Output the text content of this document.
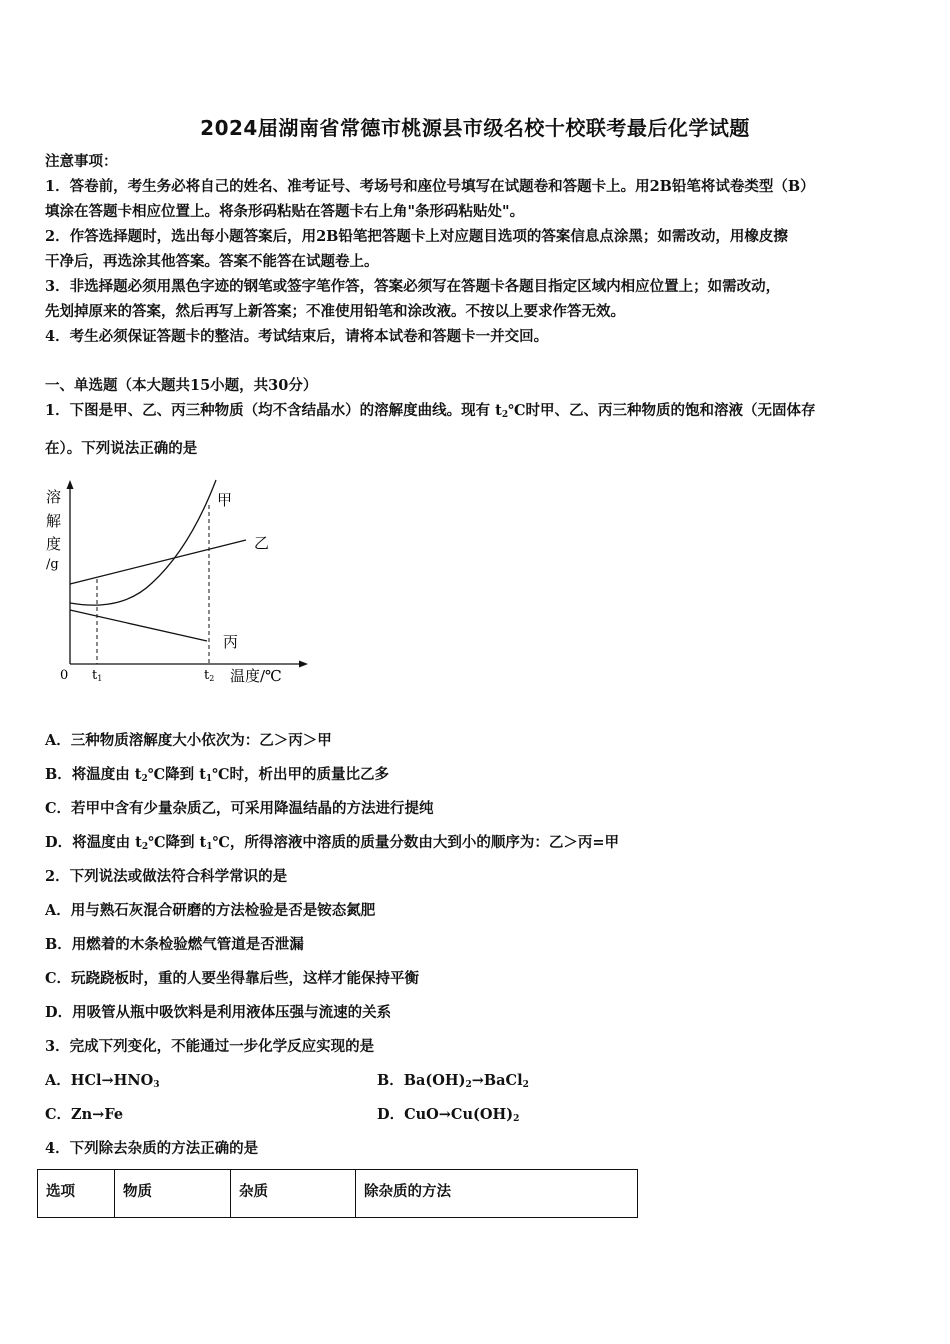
2024届湖南省常德市桃源县市级名校十校联考最后化学试题
注意事项：
1．答卷前，考生务必将自己的姓名、准考证号、考场号和座位号填写在试题卷和答题卡上。用2B铅笔将试卷类型（B）
填涂在答题卡相应位置上。将条形码粘贴在答题卡右上角"条形码粘贴处"。
2．作答选择题时，选出每小题答案后，用2B铅笔把答题卡上对应题目选项的答案信息点涂黑；如需改动，用橡皮擦
干净后，再选涂其他答案。答案不能答在试题卷上。
3．非选择题必须用黑色字迹的钢笔或签字笔作答，答案必须写在答题卡各题目指定区域内相应位置上；如需改动，
先划掉原来的答案，然后再写上新答案；不准使用铅笔和涂改液。不按以上要求作答无效。
4．考生必须保证答题卡的整洁。考试结束后，请将本试卷和答题卡一并交回。
一、单选题（本大题共15小题，共30分）
1．下图是甲、乙、丙三种物质（均不含结晶水）的溶解度曲线。现有 $t_2℃$时甲、乙、丙三种物质的饱和溶液（无固体存
在）。下列说法正确的是
溶
解
度
/g
甲
乙
丙
0 t1	t2 温度/℃
A．三种物质溶解度大小依次为：乙＞丙＞甲
B．将温度由 $t_2℃$降到 $t_1℃$时，析出甲的质量比乙多
C．若甲中含有少量杂质乙，可采用降温结晶的方法进行提纯
D．将温度由 $t_2℃$降到 $t_1℃$，所得溶液中溶质的质量分数由大到小的顺序为：乙＞丙=甲
2．下列说法或做法符合科学常识的是
A．用与熟石灰混合研磨的方法检验是否是铵态氮肥
B．用燃着的木条检验燃气管道是否泄漏
C．玩跷跷板时，重的人要坐得靠后些，这样才能保持平衡
D．用吸管从瓶中吸饮料是利用液体压强与流速的关系
3．完成下列变化，不能通过一步化学反应实现的是
A．$HCl\to HNO_3$	B．$Ba(OH)_2\to BaCl_2$
C．Zn→Fe	D．$CuO\to Cu(OH)_2$
4．下列除去杂质的方法正确的是
选项	物质	杂质	除杂质的方法
